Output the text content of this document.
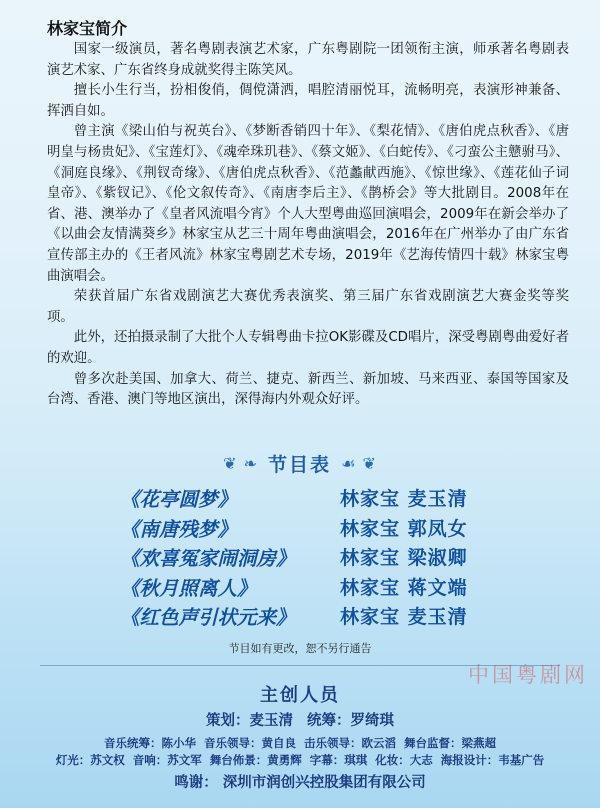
林家宝简介

国家一级演员，著名粤剧表演艺术家，广东粤剧院一团领衔主演，师承著名粤剧表演艺术家、广东省终身成就奖得主陈笑风。

擅长小生行当，扮相俊俏，倜傥潇洒，唱腔清丽悦耳，流畅明亮，表演形神兼备、挥洒自如。

曾主演《梁山伯与祝英台》、《梦断香销四十年》、《梨花情》、《唐伯虎点秋香》、《唐明皇与杨贵妃》、《宝莲灯》、《魂牵珠玑巷》、《蔡文姬》、《白蛇传》、《刁蛮公主戆驸马》、《洞庭良缘》、《荆钗奇缘》、《唐伯虎点秋香》、《范蠡献西施》、《惊世缘》、《莲花仙子词皇帝》、《紫钗记》、《伦文叙传奇》、《南唐李后主》、《鹊桥会》等大批剧目。2008年在省、港、澳举办了《皇者风流唱今宵》个人大型粤曲巡回演唱会，2009年在新会举办了《以曲会友情满葵乡》林家宝从艺三十周年粤曲演唱会，2016年在广州举办了由广东省宣传部主办的《王者风流》林家宝粤剧艺术专场，2019年《艺海传情四十载》林家宝粤曲演唱会。

荣获首届广东省戏剧演艺大赛优秀表演奖、第三届广东省戏剧演艺大赛金奖等奖项。

此外，还拍摄录制了大批个人专辑粤曲卡拉OK影碟及CD唱片，深受粤剧粤曲爱好者的欢迎。

曾多次赴美国、加拿大、荷兰、捷克、新西兰、新加坡、马来西亚、泰国等国家及台湾、香港、澳门等地区演出，深得海内外观众好评。

❦ ❧ 节目表 ☙ ❦
《花亭圆梦》	林家宝 麦玉清
《南唐残梦》	林家宝 郭凤女
《欢喜冤家闹洞房》 林家宝 梁淑卿
《秋月照离人》	林家宝 蒋文端
《红色声引状元来》 林家宝 麦玉清
节目如有更改，恕不另行通告
中国粤剧网
主创人员
策划：麦玉清 统筹：罗绮琪
音乐统筹：陈小华 音乐领导：黄自良 击乐领导：欧云滔 舞台监督：梁燕超
灯光：苏文权 音响：苏文军 舞台佈景：黄勇辉 字幕：琪琪 化妆：大志 海报设计：韦基广告
鸣谢： 深圳市润创兴控股集团有限公司
